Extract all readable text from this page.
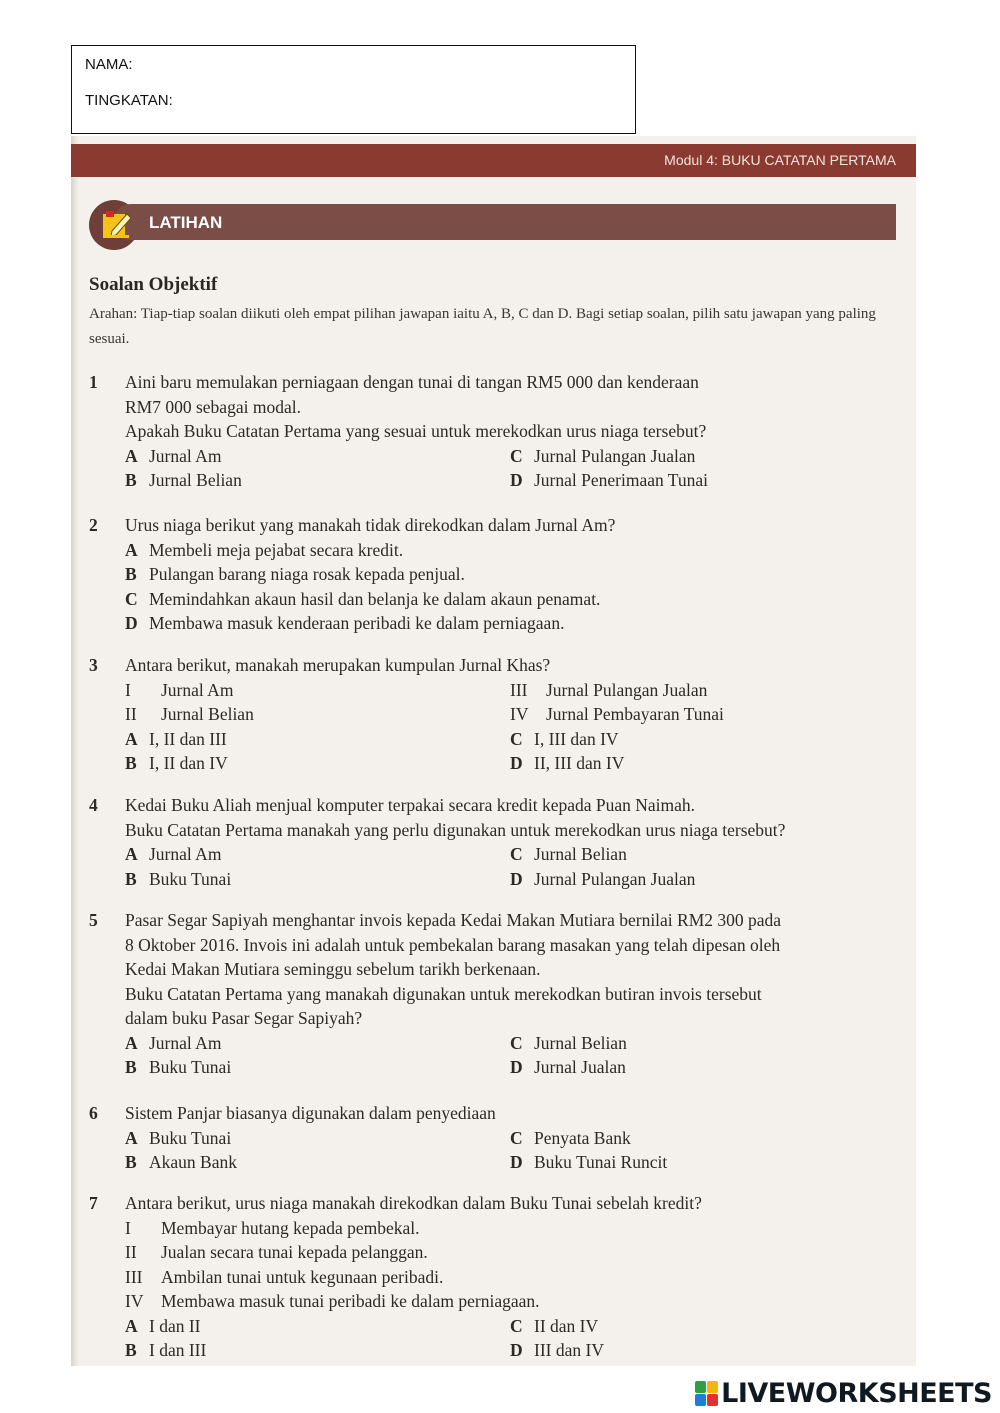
NAMA:
TINGKATAN:
Modul 4: BUKU CATATAN PERTAMA
LATIHAN
Soalan Objektif
Arahan: Tiap-tiap soalan diikuti oleh empat pilihan jawapan iaitu A, B, C dan D. Bagi setiap soalan, pilih satu jawapan yang paling sesuai.
1	Aini baru memulakan perniagaan dengan tunai di tangan RM5 000 dan kenderaan
RM7 000 sebagai modal.
Apakah Buku Catatan Pertama yang sesuai untuk merekodkan urus niaga tersebut?
A Jurnal Am	C Jurnal Pulangan Jualan
B Jurnal Belian	D Jurnal Penerimaan Tunai
2	Urus niaga berikut yang manakah tidak direkodkan dalam Jurnal Am?
A Membeli meja pejabat secara kredit.
B Pulangan barang niaga rosak kepada penjual.
C Memindahkan akaun hasil dan belanja ke dalam akaun penamat.
D Membawa masuk kenderaan peribadi ke dalam perniagaan.
3	Antara berikut, manakah merupakan kumpulan Jurnal Khas?
I Jurnal Am	III Jurnal Pulangan Jualan
II Jurnal Belian	IV Jurnal Pembayaran Tunai
A I, II dan III	C I, III dan IV
B I, II dan IV	D II, III dan IV
4	Kedai Buku Aliah menjual komputer terpakai secara kredit kepada Puan Naimah.
Buku Catatan Pertama manakah yang perlu digunakan untuk merekodkan urus niaga tersebut?
A Jurnal Am	C Jurnal Belian
B Buku Tunai	D Jurnal Pulangan Jualan
5	Pasar Segar Sapiyah menghantar invois kepada Kedai Makan Mutiara bernilai RM2 300 pada
8 Oktober 2016. Invois ini adalah untuk pembekalan barang masakan yang telah dipesan oleh
Kedai Makan Mutiara seminggu sebelum tarikh berkenaan.
Buku Catatan Pertama yang manakah digunakan untuk merekodkan butiran invois tersebut
dalam buku Pasar Segar Sapiyah?
A Jurnal Am	C Jurnal Belian
B Buku Tunai	D Jurnal Jualan
6	Sistem Panjar biasanya digunakan dalam penyediaan
A Buku Tunai	C Penyata Bank
B Akaun Bank	D Buku Tunai Runcit
7	Antara berikut, urus niaga manakah direkodkan dalam Buku Tunai sebelah kredit?
I Membayar hutang kepada pembekal.
II Jualan secara tunai kepada pelanggan.
III Ambilan tunai untuk kegunaan peribadi.
IV Membawa masuk tunai peribadi ke dalam perniagaan.
A I dan II	C II dan IV
B I dan III	D III dan IV
LIVEWORKSHEETS
